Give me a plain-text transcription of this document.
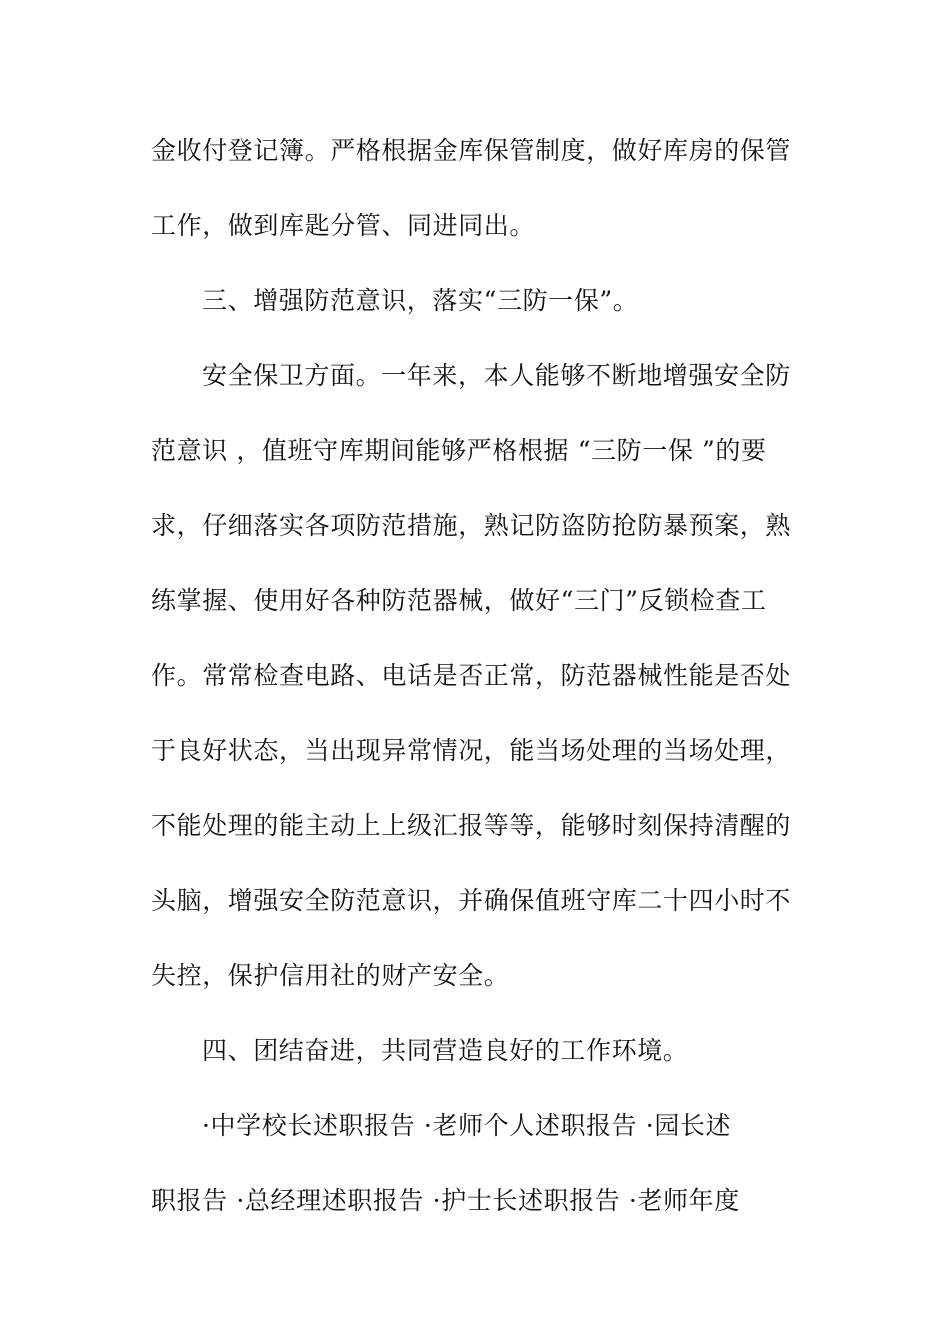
金收付登记簿。严格根据金库保管制度，做好库房的保管
工作，做到库匙分管、同进同出。
三、增强防范意识，落实“三防一保”。
安全保卫方面。一年来，本人能够不断地增强安全防
范意识 ，值班守库期间能够严格根据 “三防一保 ”的要
求，仔细落实各项防范措施，熟记防盗防抢防暴预案，熟
练掌握、使用好各种防范器械，做好“三门”反锁检查工
作。常常检查电路、电话是否正常，防范器械性能是否处
于良好状态，当出现异常情况，能当场处理的当场处理，
不能处理的能主动上上级汇报等等，能够时刻保持清醒的
头脑，增强安全防范意识，并确保值班守库二十四小时不
失控，保护信用社的财产安全。
四、团结奋进，共同营造良好的工作环境。
·中学校长述职报告 ·老师个人述职报告 ·园长述
职报告 ·总经理述职报告 ·护士长述职报告 ·老师年度
